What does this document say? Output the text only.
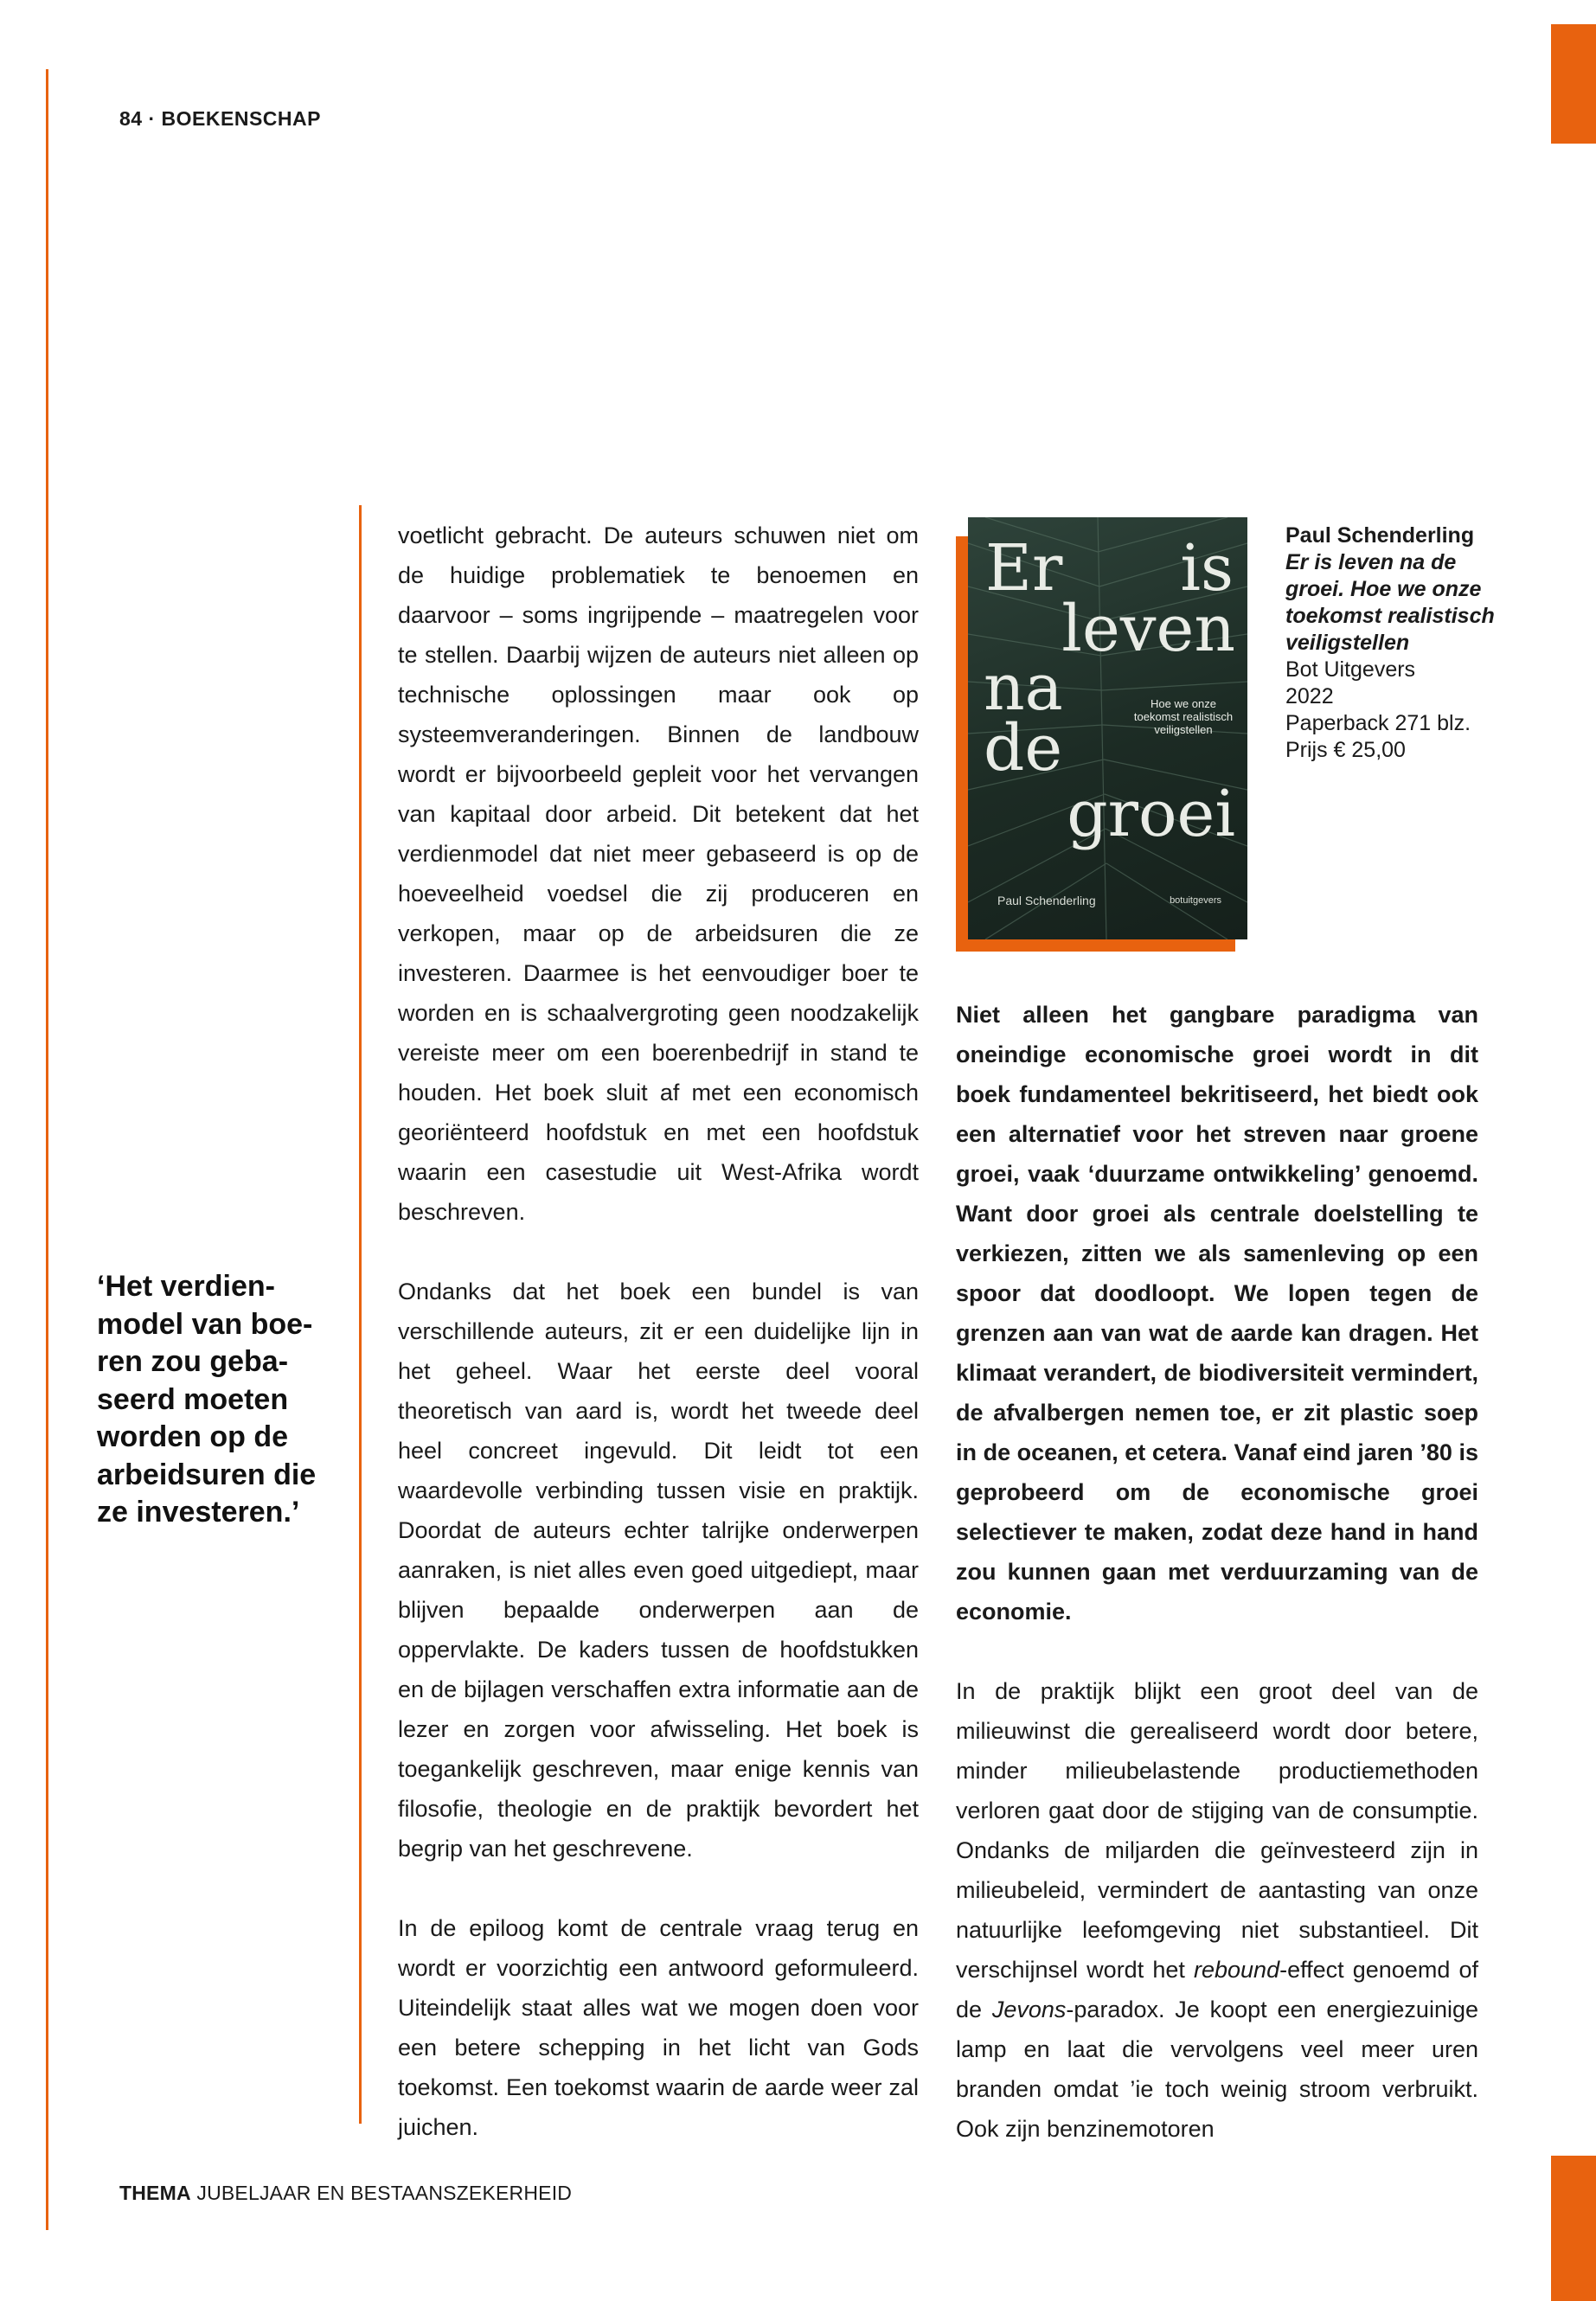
84 · BOEKENSCHAP
‘Het verdien-model van boe-ren zou geba-seerd moeten worden op de arbeidsuren die ze investeren.’

voetlicht gebracht. De auteurs schuwen niet om de huidige problematiek te benoemen en daarvoor – soms ingrijpende – maatregelen voor te stellen. Daarbij wijzen de auteurs niet alleen op technische oplossingen maar ook op systeemveranderingen. Binnen de landbouw wordt er bijvoorbeeld gepleit voor het vervangen van kapitaal door arbeid. Dit betekent dat het verdienmodel dat niet meer gebaseerd is op de hoeveelheid voedsel die zij produceren en verkopen, maar op de arbeidsuren die ze investeren. Daarmee is het eenvoudiger boer te worden en is schaalvergroting geen noodzakelijk vereiste meer om een boerenbedrijf in stand te houden. Het boek sluit af met een economisch georiënteerd hoofdstuk en met een hoofdstuk waarin een casestudie uit West-Afrika wordt beschreven.

Ondanks dat het boek een bundel is van verschillende auteurs, zit er een duidelijke lijn in het geheel. Waar het eerste deel vooral theoretisch van aard is, wordt het tweede deel heel concreet ingevuld. Dit leidt tot een waardevolle verbinding tussen visie en praktijk. Doordat de auteurs echter talrijke onderwerpen aanraken, is niet alles even goed uitgediept, maar blijven bepaalde onderwerpen aan de oppervlakte. De kaders tussen de hoofdstukken en de bijlagen verschaffen extra informatie aan de lezer en zorgen voor afwisseling. Het boek is toegankelijk geschreven, maar enige kennis van filosofie, theologie en de praktijk bevordert het begrip van het geschrevene.

In de epiloog komt de centrale vraag terug en wordt er voorzichtig een antwoord geformuleerd. Uiteindelijk staat alles wat we mogen doen voor een betere schepping in het licht van Gods toekomst. Een toekomst waarin de aarde weer zal juichen.

Er is
leven
na
de
groei
Hoe we onze toekomst realistisch veiligstellen
Paul Schenderling	botuitgevers
Paul Schenderling
Er is leven na de groei. Hoe we onze toekomst realistisch veiligstellen
Bot Uitgevers
2022
Paperback 271 blz.
Prijs € 25,00

Niet alleen het gangbare paradigma van oneindige economische groei wordt in dit boek fundamenteel bekritiseerd, het biedt ook een alternatief voor het streven naar groene groei, vaak ‘duurzame ontwikkeling’ genoemd. Want door groei als centrale doelstelling te verkiezen, zitten we als samenleving op een spoor dat doodloopt. We lopen tegen de grenzen aan van wat de aarde kan dragen. Het klimaat verandert, de biodiversiteit vermindert, de afvalbergen nemen toe, er zit plastic soep in de oceanen, et cetera. Vanaf eind jaren ’80 is geprobeerd om de economische groei selectiever te maken, zodat deze hand in hand zou kunnen gaan met verduurzaming van de economie.

In de praktijk blijkt een groot deel van de milieuwinst die gerealiseerd wordt door betere, minder milieubelastende productiemethoden verloren gaat door de stijging van de consumptie. Ondanks de miljarden die geïnvesteerd zijn in milieubeleid, vermindert de aantasting van onze natuurlijke leefomgeving niet substantieel. Dit verschijnsel wordt het rebound-effect genoemd of de Jevons-paradox. Je koopt een energiezuinige lamp en laat die vervolgens veel meer uren branden omdat ’ie toch weinig stroom verbruikt. Ook zijn benzinemotoren

THEMA JUBELJAAR EN BESTAANSZEKERHEID
